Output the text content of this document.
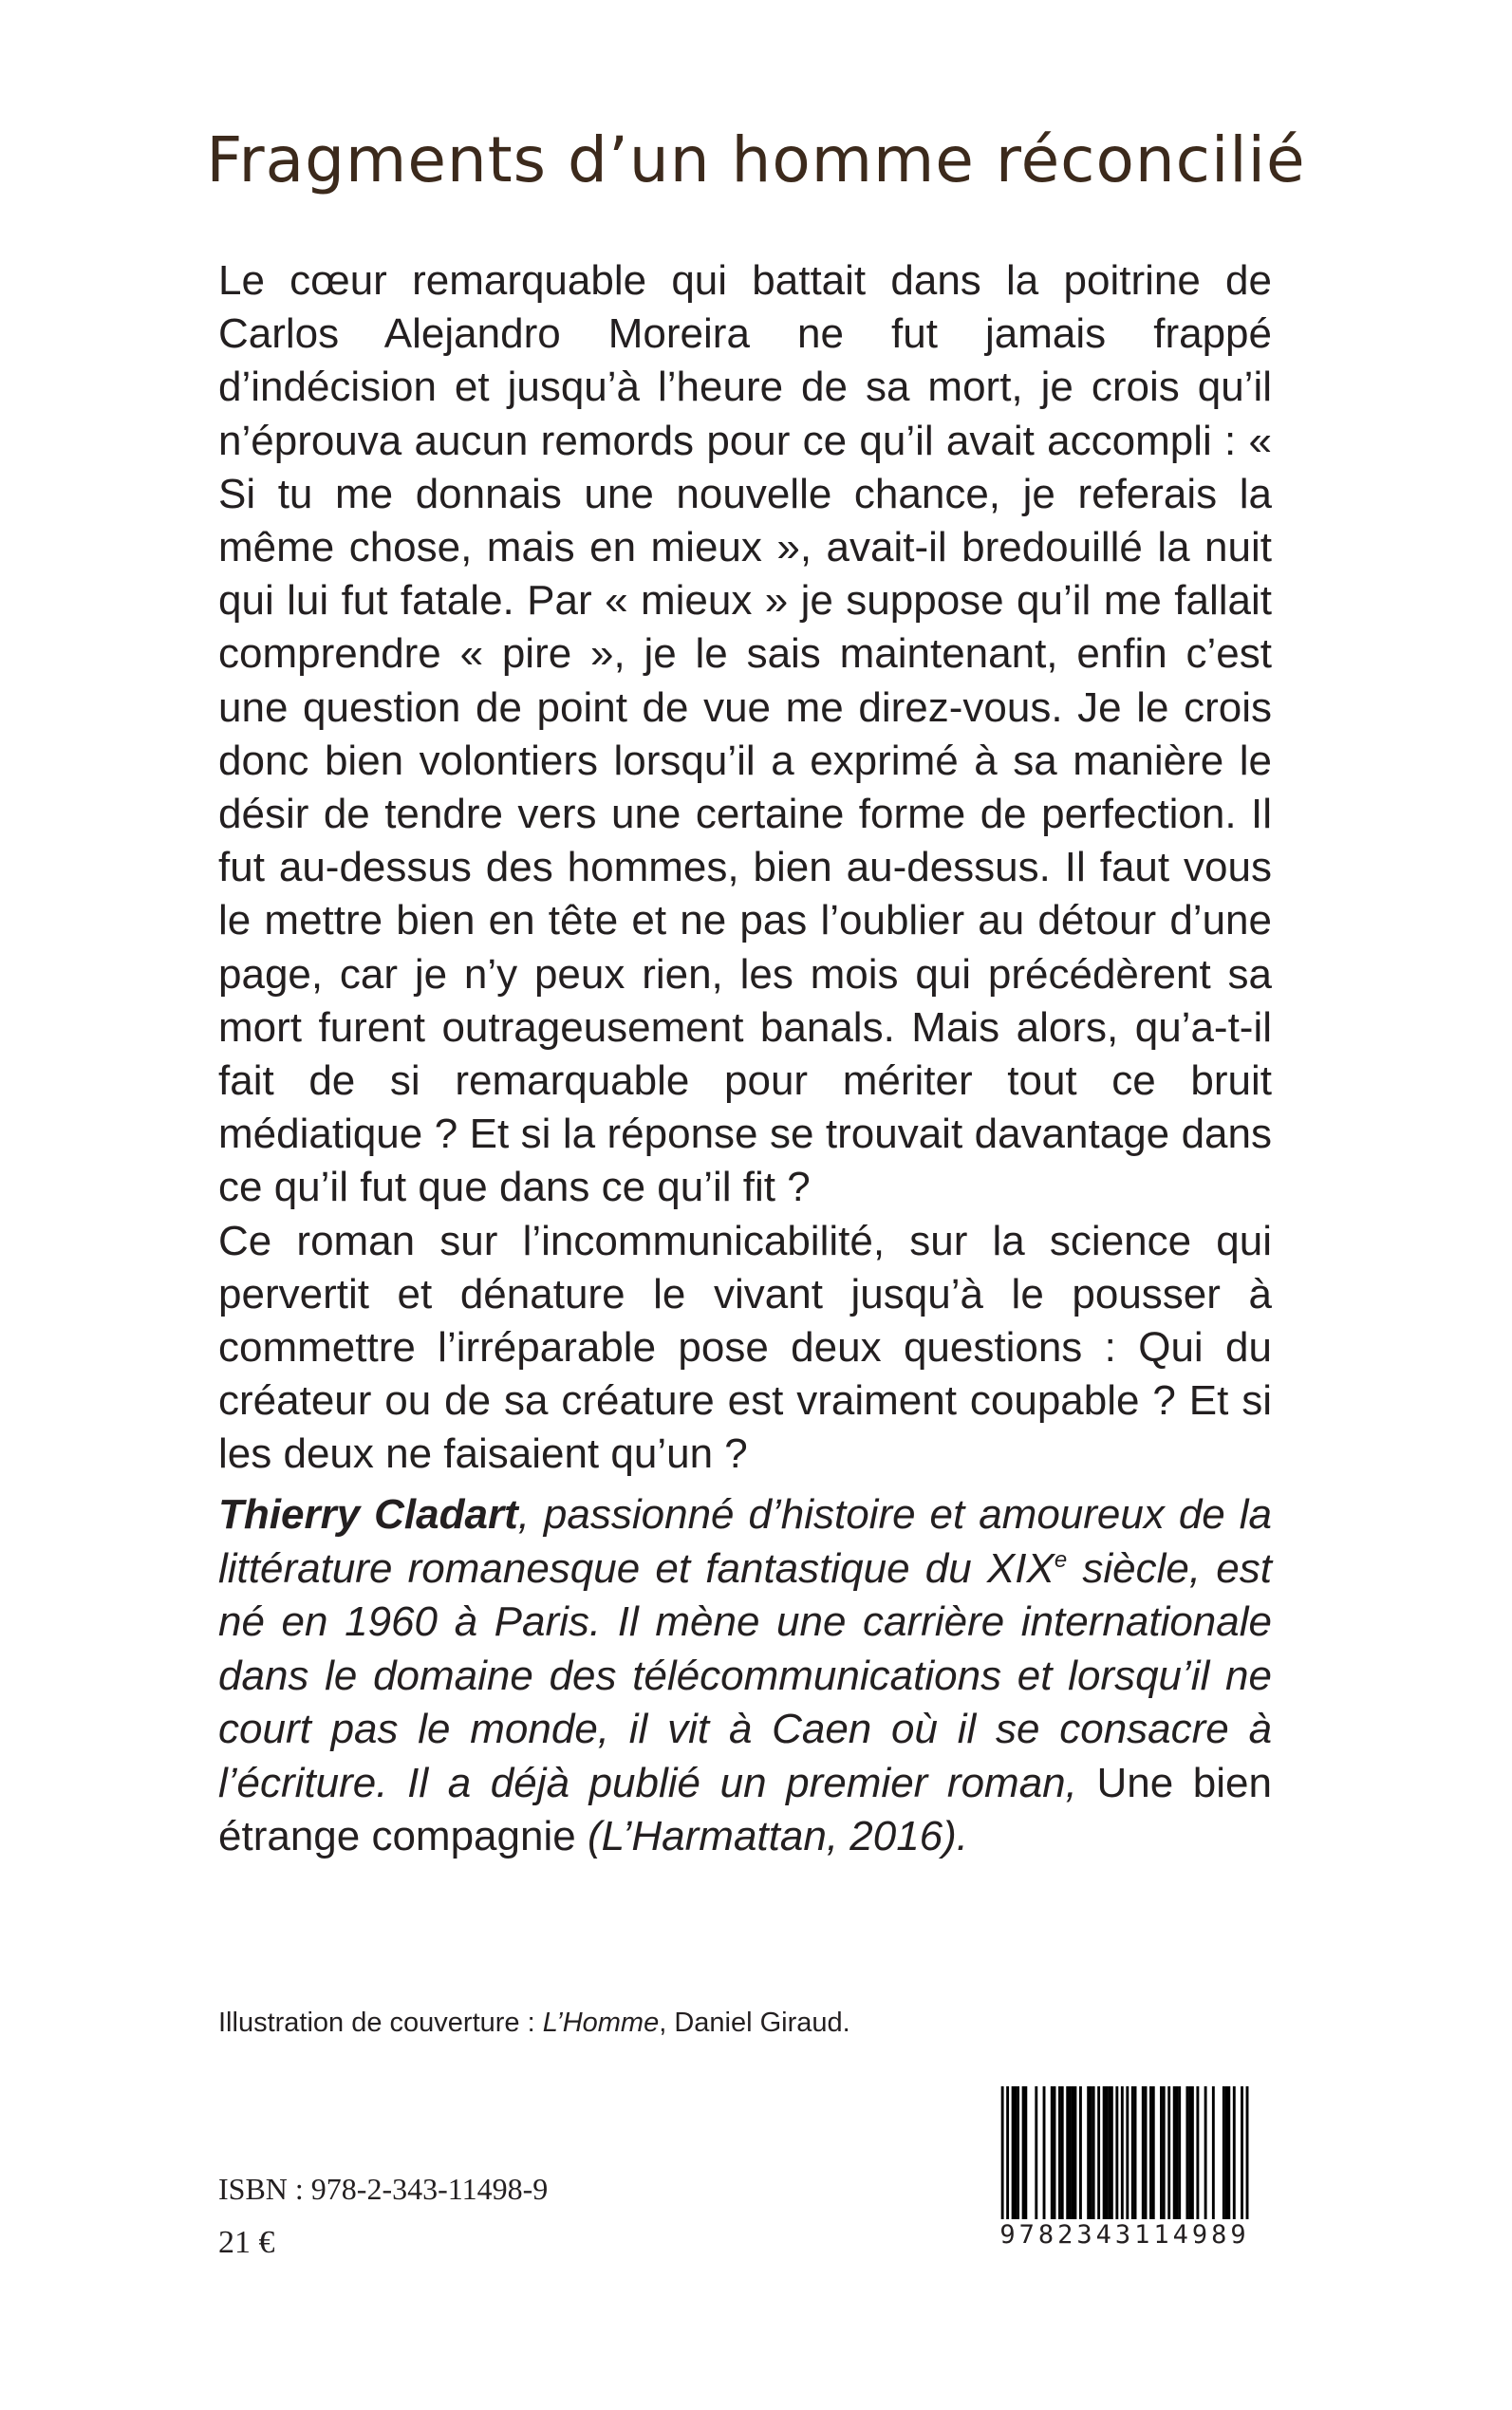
Fragments d’un homme réconcilié

Le cœur remarquable qui battait dans la poitrine de Carlos Alejandro Moreira ne fut jamais frappé d’indécision et jusqu’à l’heure de sa mort, je crois qu’il n’éprouva aucun remords pour ce qu’il avait accompli : « Si tu me donnais une nouvelle chance, je referais la même chose, mais en mieux », avait-il bredouillé la nuit qui lui fut fatale. Par « mieux » je suppose qu’il me fallait comprendre « pire », je le sais maintenant, enfin c’est une question de point de vue me direz-vous. Je le crois donc bien volontiers lorsqu’il a exprimé à sa manière le désir de tendre vers une certaine forme de perfection. Il fut au-dessus des hommes, bien au-dessus. Il faut vous le mettre bien en tête et ne pas l’oublier au détour d’une page, car je n’y peux rien, les mois qui précédèrent sa mort furent outrageusement banals. Mais alors, qu’a-t-il fait de si remarquable pour mériter tout ce bruit médiatique ? Et si la réponse se trouvait davantage dans ce qu’il fut que dans ce qu’il fit ?

Ce roman sur l’incommunicabilité, sur la science qui pervertit et dénature le vivant jusqu’à le pousser à commettre l’irréparable pose deux questions : Qui du créateur ou de sa créature est vraiment coupable ? Et si les deux ne faisaient qu’un ?

Thierry Cladart, passionné d’histoire et amoureux de la littérature romanesque et fantastique du XIXe siècle, est né en 1960 à Paris. Il mène une carrière internationale dans le domaine des télécommunications et lorsqu’il ne court pas le monde, il vit à Caen où il se consacre à l’écriture. Il a déjà publié un premier roman, Une bien étrange compagnie (L’Harmattan, 2016).

Illustration de couverture : L’Homme, Daniel Giraud.
ISBN : 978-2-343-11498-9
21 €	9782343114989
